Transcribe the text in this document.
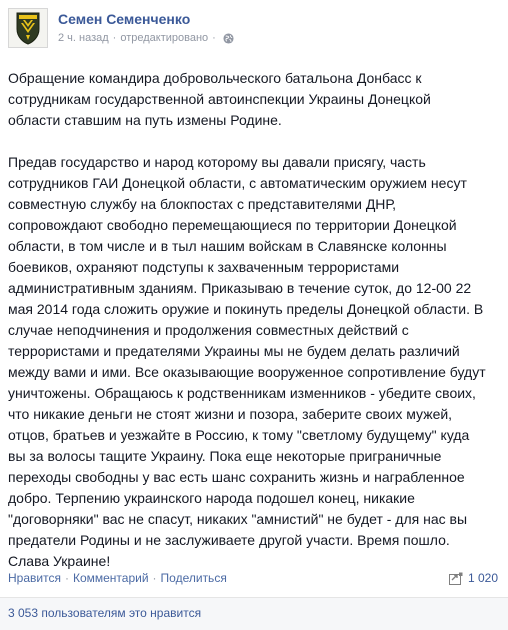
Семен Семенченко
2 ч. назад · отредактировано ·

Обращение командира добровольческого батальона Донбасс к
сотрудникам государственной автоинспекции Украины Донецкой
области ставшим на путь измены Родине.

Предав государство и народ которому вы давали присягу, часть
сотрудников ГАИ Донецкой области, с автоматическим оружием несут
совместную службу на блокпостах с представителями ДНР,
сопровождают свободно перемещающиеся по территории Донецкой
области, в том числе и в тыл нашим войскам в Славянске колонны
боевиков, охраняют подступы к захваченным террористами
административным зданиям. Приказываю в течение суток, до 12-00 22
мая 2014 года сложить оружие и покинуть пределы Донецкой области. В
случае неподчинения и продолжения совместных действий с
террористами и предателями Украины мы не будем делать различий
между вами и ими. Все оказывающие вооруженное сопротивление будут
уничтожены. Обращаюсь к родственникам изменников - убедите своих,
что никакие деньги не стоят жизни и позора, заберите своих мужей,
отцов, братьев и уезжайте в Россию, к тому "светлому будущему" куда
вы за волосы тащите Украину. Пока еще некоторые приграничные
переходы свободны у вас есть шанс сохранить жизнь и награбленное
добро. Терпению украинского народа подошел конец, никакие
"договорняки" вас не спасут, никаких "амнистий" не будет - для нас вы
предатели Родины и не заслуживаете другой участи. Время пошло.
Слава Украине!

Нравится · Комментарий · Поделиться	1 020
3 053 пользователям это нравится
